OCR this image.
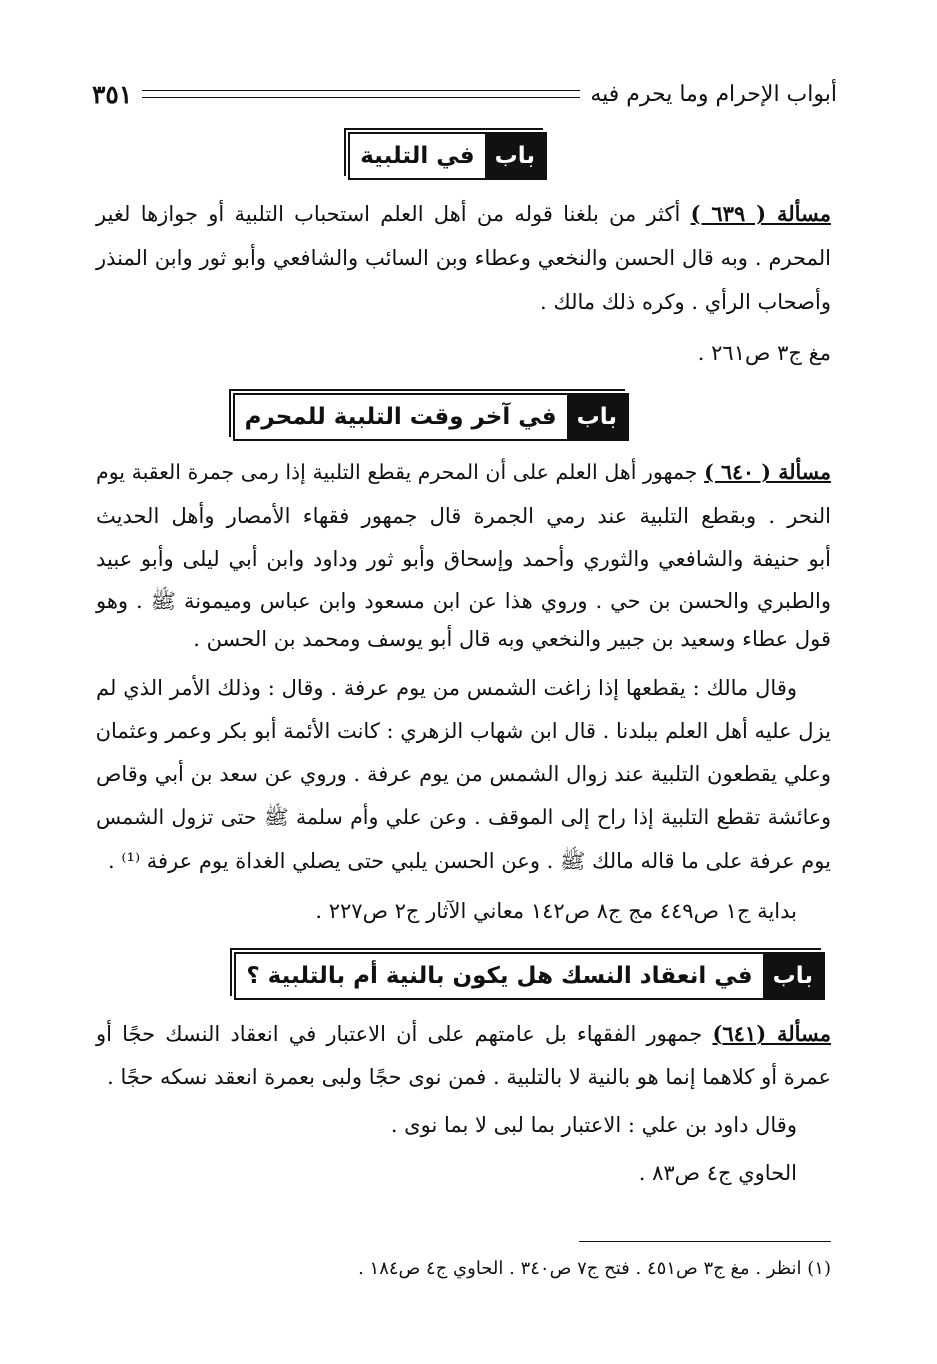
أبواب الإحرام وما يحرم فيه
٣٥١
باب
في التلبية
مسألة ( ٦٣٩ ) أكثر من بلغنا قوله من أهل العلم استحباب التلبية أو جوازها لغير
المحرم . وبه قال الحسن والنخعي وعطاء وبن السائب والشافعي وأبو ثور وابن المنذر
وأصحاب الرأي . وكره ذلك مالك .
مغ ج٣ ص٢٦١ .
باب
في آخر وقت التلبية للمحرم
مسألة ( ٦٤٠ ) جمهور أهل العلم على أن المحرم يقطع التلبية إذا رمى جمرة العقبة يوم
النحر . وبقطع التلبية عند رمي الجمرة قال جمهور فقهاء الأمصار وأهل الحديث
أبو حنيفة والشافعي والثوري وأحمد وإسحاق وأبو ثور وداود وابن أبي ليلى وأبو عبيد
والطبري والحسن بن حي . وروي هذا عن ابن مسعود وابن عباس وميمونة ﷺ . وهو
قول عطاء وسعيد بن جبير والنخعي وبه قال أبو يوسف ومحمد بن الحسن .
وقال مالك : يقطعها إذا زاغت الشمس من يوم عرفة . وقال : وذلك الأمر الذي لم
يزل عليه أهل العلم ببلدنا . قال ابن شهاب الزهري : كانت الأئمة أبو بكر وعمر وعثمان
وعلي يقطعون التلبية عند زوال الشمس من يوم عرفة . وروي عن سعد بن أبي وقاص
وعائشة تقطع التلبية إذا راح إلى الموقف . وعن علي وأم سلمة ﷺ حتى تزول الشمس
يوم عرفة على ما قاله مالك ﷺ . وعن الحسن يلبي حتى يصلي الغداة يوم عرفة ⁽¹⁾ .
بداية ج١ ص٤٤٩ مج ج٨ ص١٤٢ معاني الآثار ج٢ ص٢٢٧ .
باب
في انعقاد النسك هل يكون بالنية أم بالتلبية ؟
مسألة (٦٤١) جمهور الفقهاء بل عامتهم على أن الاعتبار في انعقاد النسك حجًا أو
عمرة أو كلاهما إنما هو بالنية لا بالتلبية . فمن نوى حجًا ولبى بعمرة انعقد نسكه حجًا .
وقال داود بن علي : الاعتبار بما لبى لا بما نوى .
الحاوي ج٤ ص٨٣ .
(١) انظر . مغ ج٣ ص٤٥١ . فتح ج٧ ص٣٤٠ . الحاوي ج٤ ص١٨٤ .
